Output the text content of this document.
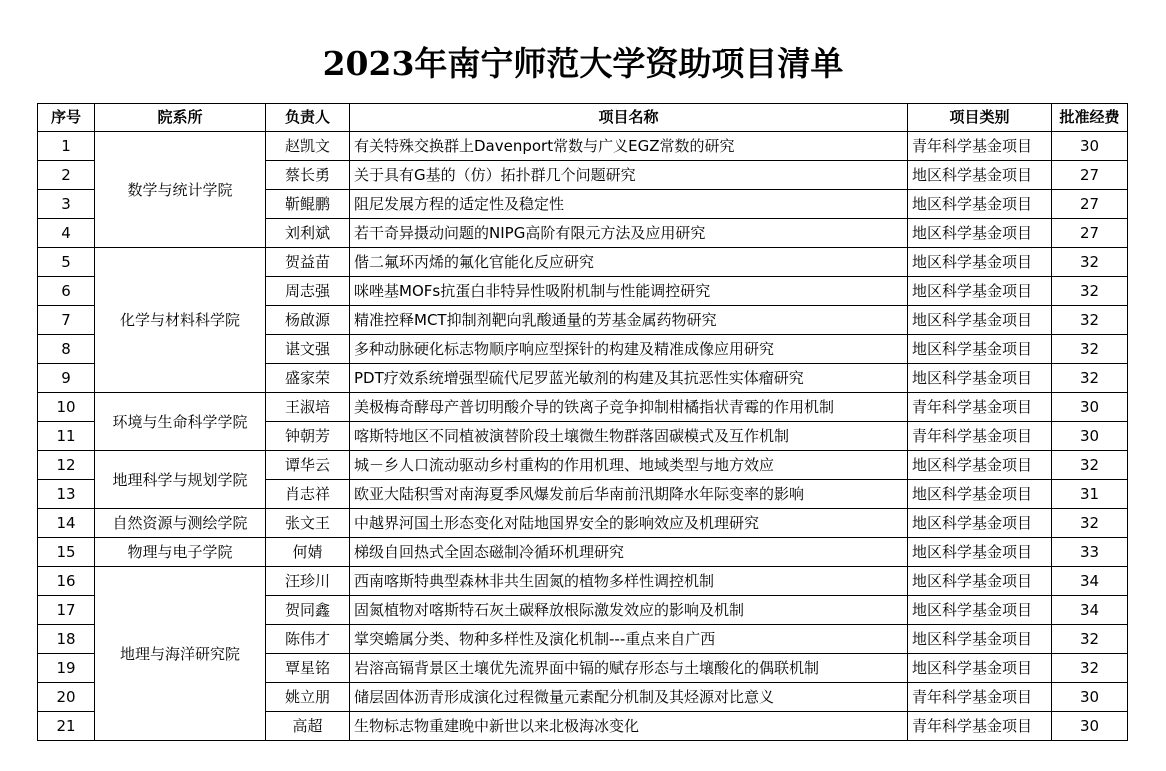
2023年南宁师范大学资助项目清单
序号	院系所	负责人	项目名称	项目类别	批准经费
1	数学与统计学院	赵凯文	有关特殊交换群上Davenport常数与广义EGZ常数的研究	青年科学基金项目	30
2		蔡长勇	关于具有G基的（仿）拓扑群几个问题研究	地区科学基金项目	27
3		靳鲲鹏	阻尼发展方程的适定性及稳定性	地区科学基金项目	27
4		刘利斌	若干奇异摄动问题的NIPG高阶有限元方法及应用研究	地区科学基金项目	27
5	化学与材料科学院	贺益苗	偕二氟环丙烯的氟化官能化反应研究	地区科学基金项目	32
6		周志强	咪唑基MOFs抗蛋白非特异性吸附机制与性能调控研究	地区科学基金项目	32
7		杨啟源	精准控释MCT抑制剂靶向乳酸通量的芳基金属药物研究	地区科学基金项目	32
8		谌文强	多种动脉硬化标志物顺序响应型探针的构建及精准成像应用研究	地区科学基金项目	32
9		盛家荣	PDT疗效系统增强型硫代尼罗蓝光敏剂的构建及其抗恶性实体瘤研究	地区科学基金项目	32
10	环境与生命科学学院	王淑培	美极梅奇酵母产普切明酸介导的铁离子竞争抑制柑橘指状青霉的作用机制	青年科学基金项目	30
11		钟朝芳	喀斯特地区不同植被演替阶段土壤微生物群落固碳模式及互作机制	青年科学基金项目	30
12	地理科学与规划学院	谭华云	城－乡人口流动驱动乡村重构的作用机理、地域类型与地方效应	地区科学基金项目	32
13		肖志祥	欧亚大陆积雪对南海夏季风爆发前后华南前汛期降水年际变率的影响	地区科学基金项目	31
14	自然资源与测绘学院	张文王	中越界河国土形态变化对陆地国界安全的影响效应及机理研究	地区科学基金项目	32
15	物理与电子学院	何婧	梯级自回热式全固态磁制冷循环机理研究	地区科学基金项目	33
16	地理与海洋研究院	汪珍川	西南喀斯特典型森林非共生固氮的植物多样性调控机制	地区科学基金项目	34
17		贺同鑫	固氮植物对喀斯特石灰土碳释放根际激发效应的影响及机制	地区科学基金项目	34
18		陈伟才	掌突蟾属分类、物种多样性及演化机制---重点来自广西	地区科学基金项目	32
19		覃星铭	岩溶高镉背景区土壤优先流界面中镉的赋存形态与土壤酸化的偶联机制	地区科学基金项目	32
20		姚立朋	储层固体沥青形成演化过程微量元素配分机制及其烃源对比意义	青年科学基金项目	30
21		高超	生物标志物重建晚中新世以来北极海冰变化	青年科学基金项目	30
